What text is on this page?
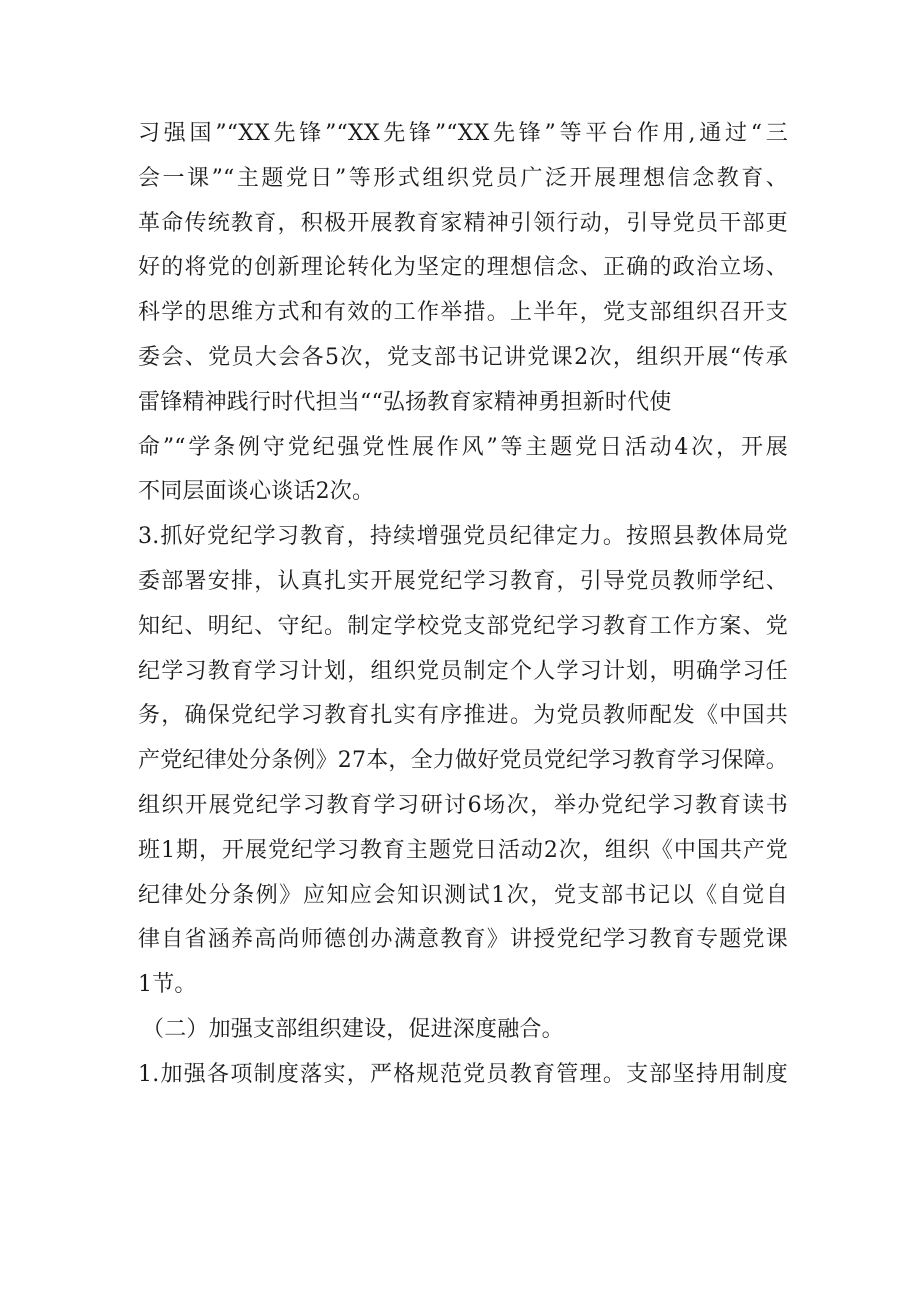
习强国”“XX先锋”“XX先锋”“XX先锋”等平台作用,通过“三
会一课”“主题党日”等形式组织党员广泛开展理想信念教育、
革命传统教育，积极开展教育家精神引领行动，引导党员干部更
好的将党的创新理论转化为坚定的理想信念、正确的政治立场、
科学的思维方式和有效的工作举措。上半年，党支部组织召开支
委会、党员大会各5次，党支部书记讲党课2次，组织开展“传承
雷锋精神践行时代担当““弘扬教育家精神勇担新时代使
命”“学条例守党纪强党性展作风”等主题党日活动4次，开展
不同层面谈心谈话2次。
3.抓好党纪学习教育，持续增强党员纪律定力。按照县教体局党
委部署安排，认真扎实开展党纪学习教育，引导党员教师学纪、
知纪、明纪、守纪。制定学校党支部党纪学习教育工作方案、党
纪学习教育学习计划，组织党员制定个人学习计划，明确学习任
务，确保党纪学习教育扎实有序推进。为党员教师配发《中国共
产党纪律处分条例》27本，全力做好党员党纪学习教育学习保障。
组织开展党纪学习教育学习研讨6场次，举办党纪学习教育读书
班1期，开展党纪学习教育主题党日活动2次，组织《中国共产党
纪律处分条例》应知应会知识测试1次，党支部书记以《自觉自
律自省涵养高尚师德创办满意教育》讲授党纪学习教育专题党课
1节。
（二）加强支部组织建设，促进深度融合。
1.加强各项制度落实，严格规范党员教育管理。支部坚持用制度
